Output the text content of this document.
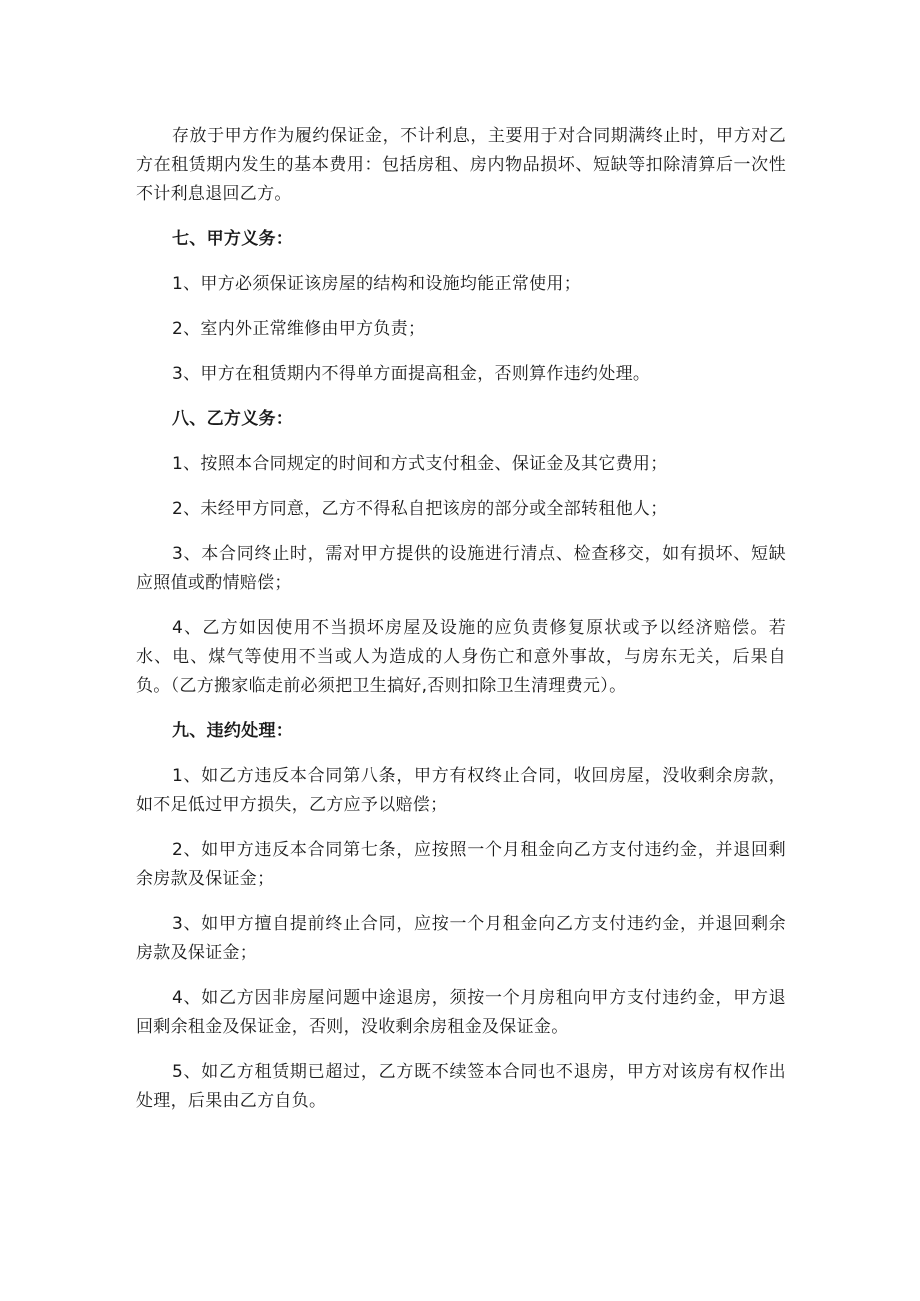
存放于甲方作为履约保证金，不计利息，主要用于对合同期满终止时，甲方对乙方在租赁期内发生的基本费用：包括房租、房内物品损坏、短缺等扣除清算后一次性不计利息退回乙方。

七、甲方义务：

1、甲方必须保证该房屋的结构和设施均能正常使用；

2、室内外正常维修由甲方负责；

3、甲方在租赁期内不得单方面提高租金，否则算作违约处理。

八、乙方义务：

1、按照本合同规定的时间和方式支付租金、保证金及其它费用；

2、未经甲方同意，乙方不得私自把该房的部分或全部转租他人；

3、本合同终止时，需对甲方提供的设施进行清点、检查移交，如有损坏、短缺应照值或酌情赔偿；

4、乙方如因使用不当损坏房屋及设施的应负责修复原状或予以经济赔偿。若水、电、煤气等使用不当或人为造成的人身伤亡和意外事故，与房东无关，后果自负。（乙方搬家临走前必须把卫生搞好,否则扣除卫生清理费元）。

九、违约处理：

1、如乙方违反本合同第八条，甲方有权终止合同，收回房屋，没收剩余房款，如不足低过甲方损失，乙方应予以赔偿；

2、如甲方违反本合同第七条，应按照一个月租金向乙方支付违约金，并退回剩余房款及保证金；

3、如甲方擅自提前终止合同，应按一个月租金向乙方支付违约金，并退回剩余房款及保证金；

4、如乙方因非房屋问题中途退房，须按一个月房租向甲方支付违约金，甲方退回剩余租金及保证金，否则，没收剩余房租金及保证金。

5、如乙方租赁期已超过，乙方既不续签本合同也不退房，甲方对该房有权作出处理，后果由乙方自负。
